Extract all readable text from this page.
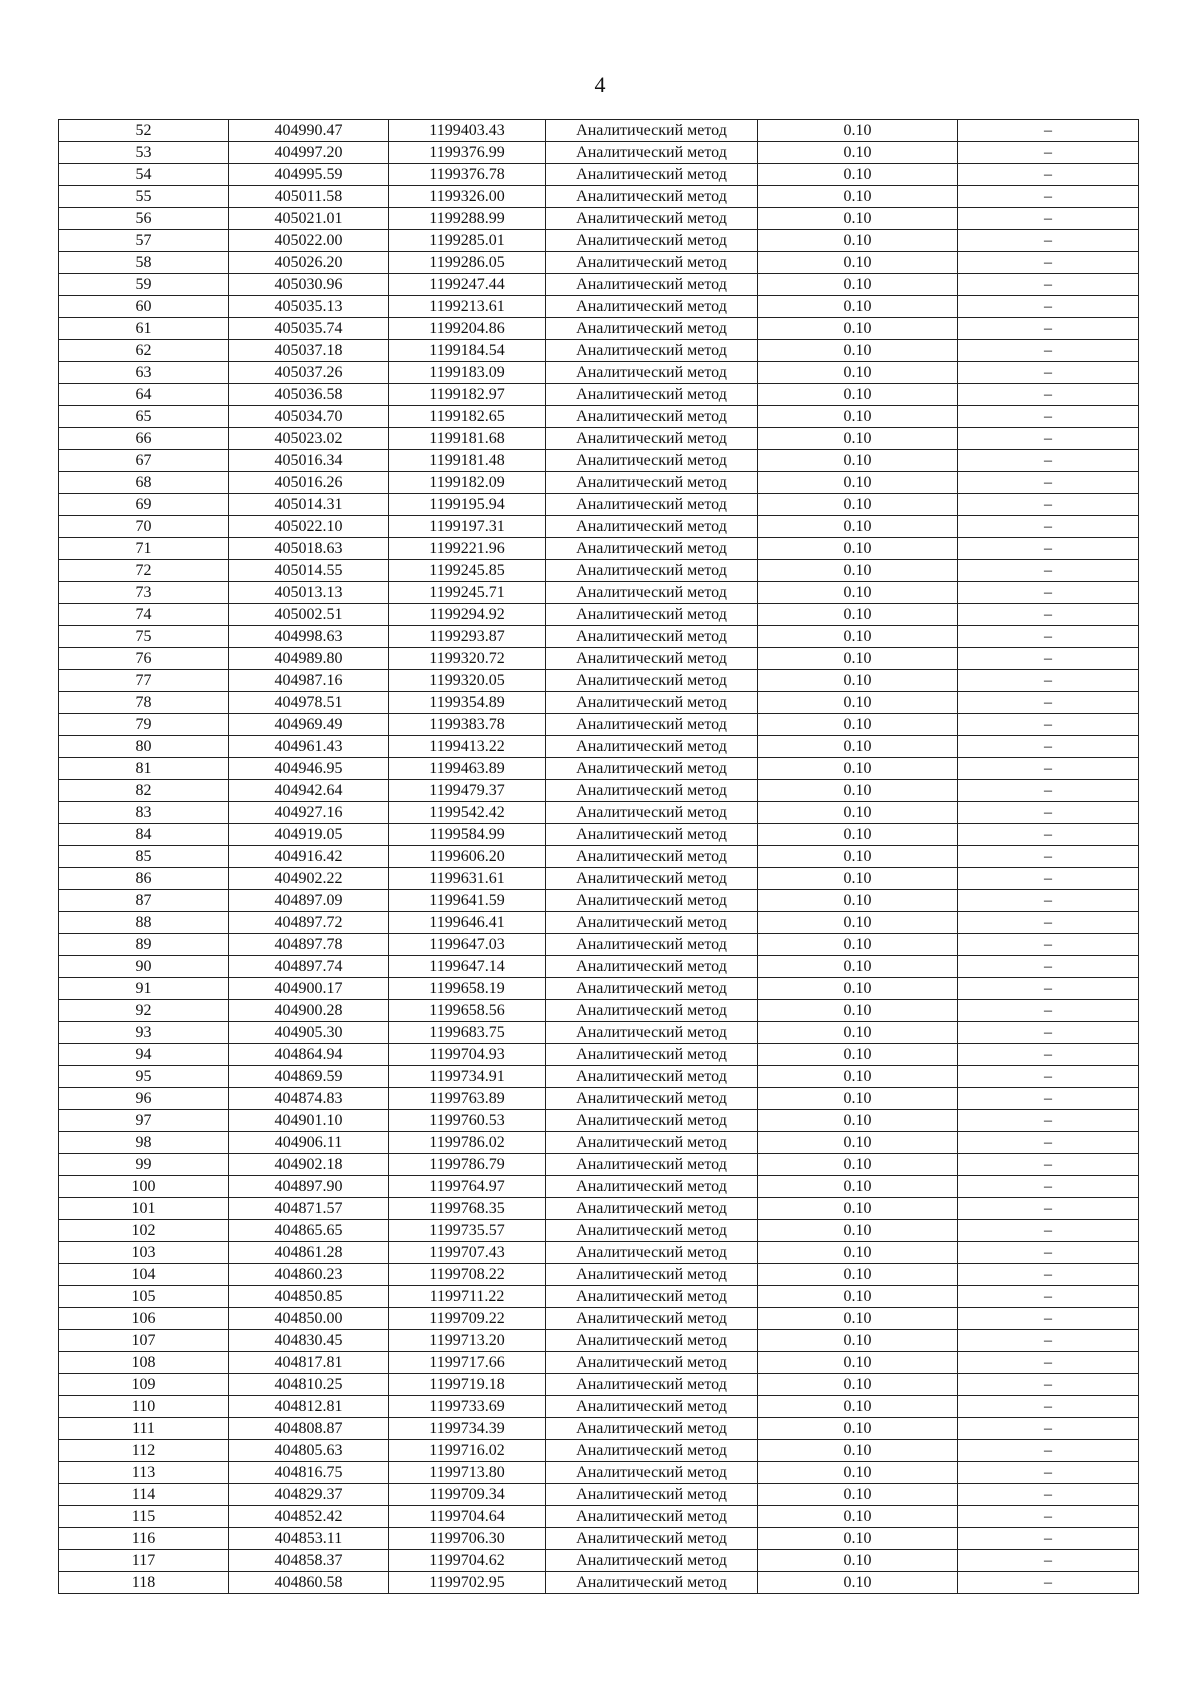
4
52	404990.47	1199403.43	Аналитический метод	0.10	–
53	404997.20	1199376.99	Аналитический метод	0.10	–
54	404995.59	1199376.78	Аналитический метод	0.10	–
55	405011.58	1199326.00	Аналитический метод	0.10	–
56	405021.01	1199288.99	Аналитический метод	0.10	–
57	405022.00	1199285.01	Аналитический метод	0.10	–
58	405026.20	1199286.05	Аналитический метод	0.10	–
59	405030.96	1199247.44	Аналитический метод	0.10	–
60	405035.13	1199213.61	Аналитический метод	0.10	–
61	405035.74	1199204.86	Аналитический метод	0.10	–
62	405037.18	1199184.54	Аналитический метод	0.10	–
63	405037.26	1199183.09	Аналитический метод	0.10	–
64	405036.58	1199182.97	Аналитический метод	0.10	–
65	405034.70	1199182.65	Аналитический метод	0.10	–
66	405023.02	1199181.68	Аналитический метод	0.10	–
67	405016.34	1199181.48	Аналитический метод	0.10	–
68	405016.26	1199182.09	Аналитический метод	0.10	–
69	405014.31	1199195.94	Аналитический метод	0.10	–
70	405022.10	1199197.31	Аналитический метод	0.10	–
71	405018.63	1199221.96	Аналитический метод	0.10	–
72	405014.55	1199245.85	Аналитический метод	0.10	–
73	405013.13	1199245.71	Аналитический метод	0.10	–
74	405002.51	1199294.92	Аналитический метод	0.10	–
75	404998.63	1199293.87	Аналитический метод	0.10	–
76	404989.80	1199320.72	Аналитический метод	0.10	–
77	404987.16	1199320.05	Аналитический метод	0.10	–
78	404978.51	1199354.89	Аналитический метод	0.10	–
79	404969.49	1199383.78	Аналитический метод	0.10	–
80	404961.43	1199413.22	Аналитический метод	0.10	–
81	404946.95	1199463.89	Аналитический метод	0.10	–
82	404942.64	1199479.37	Аналитический метод	0.10	–
83	404927.16	1199542.42	Аналитический метод	0.10	–
84	404919.05	1199584.99	Аналитический метод	0.10	–
85	404916.42	1199606.20	Аналитический метод	0.10	–
86	404902.22	1199631.61	Аналитический метод	0.10	–
87	404897.09	1199641.59	Аналитический метод	0.10	–
88	404897.72	1199646.41	Аналитический метод	0.10	–
89	404897.78	1199647.03	Аналитический метод	0.10	–
90	404897.74	1199647.14	Аналитический метод	0.10	–
91	404900.17	1199658.19	Аналитический метод	0.10	–
92	404900.28	1199658.56	Аналитический метод	0.10	–
93	404905.30	1199683.75	Аналитический метод	0.10	–
94	404864.94	1199704.93	Аналитический метод	0.10	–
95	404869.59	1199734.91	Аналитический метод	0.10	–
96	404874.83	1199763.89	Аналитический метод	0.10	–
97	404901.10	1199760.53	Аналитический метод	0.10	–
98	404906.11	1199786.02	Аналитический метод	0.10	–
99	404902.18	1199786.79	Аналитический метод	0.10	–
100	404897.90	1199764.97	Аналитический метод	0.10	–
101	404871.57	1199768.35	Аналитический метод	0.10	–
102	404865.65	1199735.57	Аналитический метод	0.10	–
103	404861.28	1199707.43	Аналитический метод	0.10	–
104	404860.23	1199708.22	Аналитический метод	0.10	–
105	404850.85	1199711.22	Аналитический метод	0.10	–
106	404850.00	1199709.22	Аналитический метод	0.10	–
107	404830.45	1199713.20	Аналитический метод	0.10	–
108	404817.81	1199717.66	Аналитический метод	0.10	–
109	404810.25	1199719.18	Аналитический метод	0.10	–
110	404812.81	1199733.69	Аналитический метод	0.10	–
111	404808.87	1199734.39	Аналитический метод	0.10	–
112	404805.63	1199716.02	Аналитический метод	0.10	–
113	404816.75	1199713.80	Аналитический метод	0.10	–
114	404829.37	1199709.34	Аналитический метод	0.10	–
115	404852.42	1199704.64	Аналитический метод	0.10	–
116	404853.11	1199706.30	Аналитический метод	0.10	–
117	404858.37	1199704.62	Аналитический метод	0.10	–
118	404860.58	1199702.95	Аналитический метод	0.10	–
